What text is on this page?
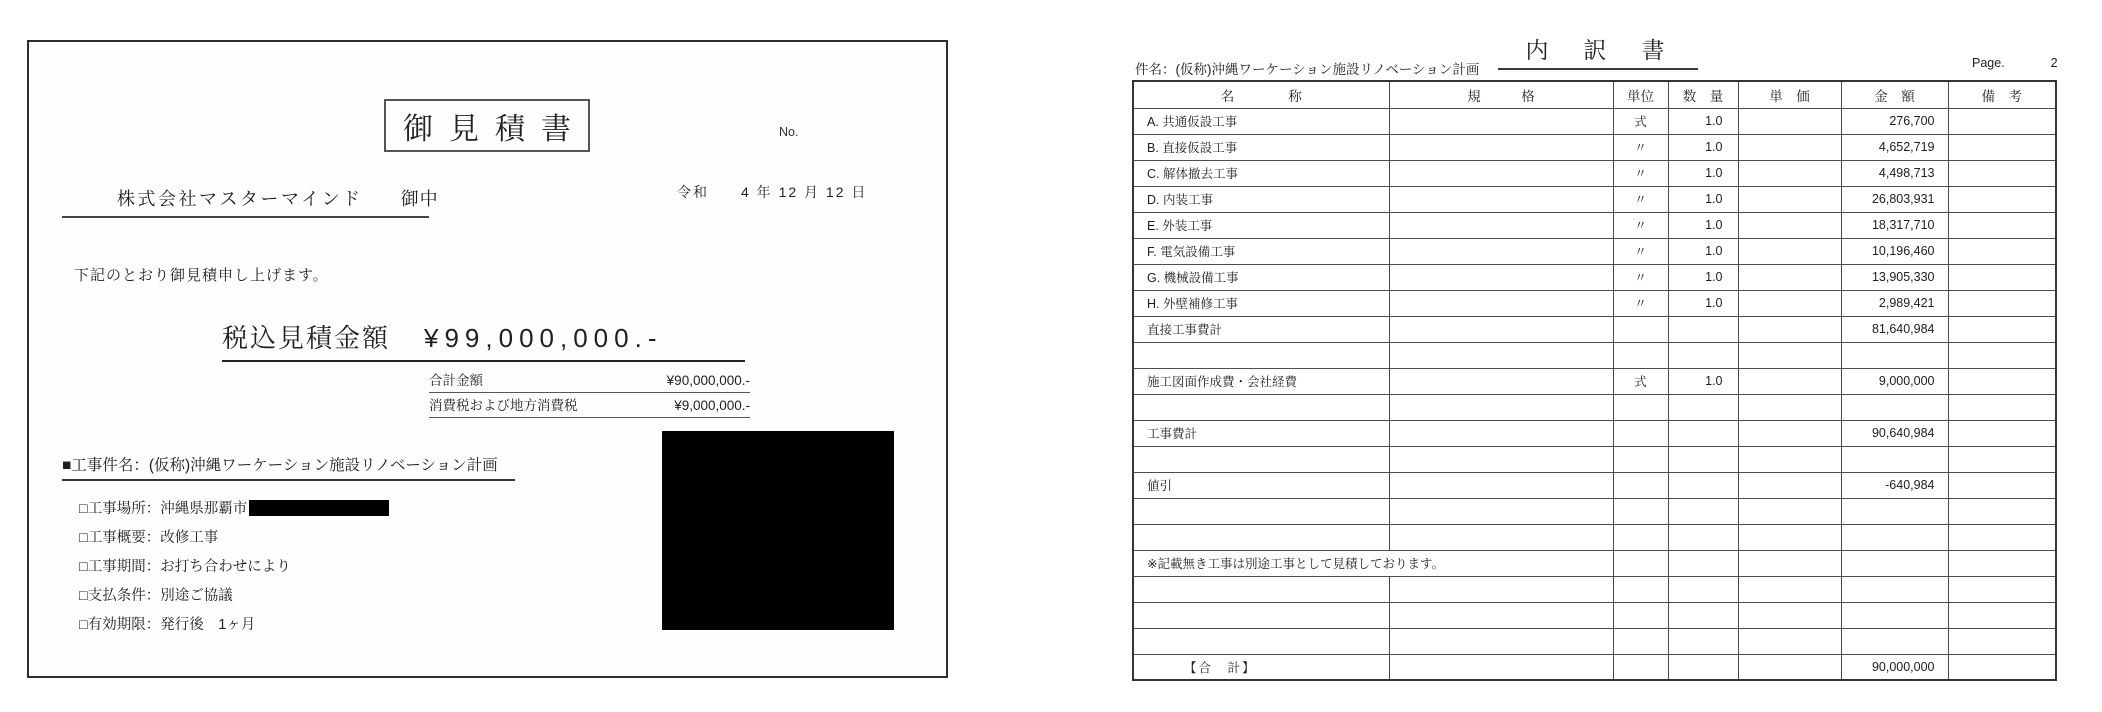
御見積書	No.
令和　　4 年 12 月 12 日
株式会社マスターマインド 御中
下記のとおり御見積申し上げます。
税込見積金額 ¥99,000,000.-
合計金額	¥90,000,000.-
消費税および地方消費税	¥9,000,000.-
■工事件名：(仮称)沖縄ワーケーション施設リノベーション計画
□工事場所：沖縄県那覇市
□工事概要：改修工事
□工事期間：お打ち合わせにより
□支払条件：別途ご協議
□有効期限：発行後　1ヶ月
件名：(仮称)沖縄ワーケーション施設リノベーション計画
内　訳　書	Page.	2
名　　　　称	規　　　格	単位	数　量	単　価	金　額	備　考
A. 共通仮設工事		式	1.0		276,700	
B. 直接仮設工事		〃	1.0		4,652,719	
C. 解体撤去工事		〃	1.0		4,498,713	
D. 内装工事		〃	1.0		26,803,931	
E. 外装工事		〃	1.0		18,317,710	
F. 電気設備工事		〃	1.0		10,196,460	
G. 機械設備工事		〃	1.0		13,905,330	
H. 外壁補修工事		〃	1.0		2,989,421	
直接工事費計					81,640,984	

施工図面作成費・会社経費		式	1.0		9,000,000	

工事費計					90,640,984	

値引					-640,984	

※記載無き工事は別途工事として見積しております。						

【合　計】					90,000,000	
